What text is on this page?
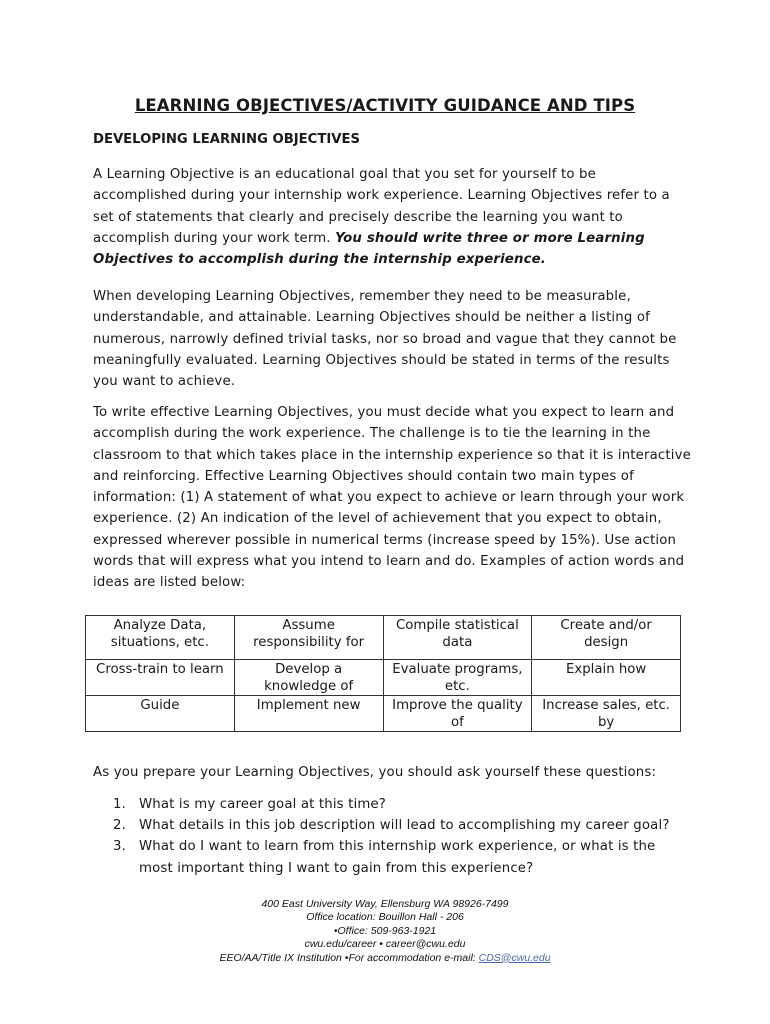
LEARNING OBJECTIVES/ACTIVITY GUIDANCE AND TIPS
DEVELOPING LEARNING OBJECTIVES

A Learning Objective is an educational goal that you set for yourself to be accomplished during your internship work experience. Learning Objectives refer to a set of statements that clearly and precisely describe the learning you want to accomplish during your work term. You should write three or more Learning Objectives to accomplish during the internship experience.

When developing Learning Objectives, remember they need to be measurable, understandable, and attainable. Learning Objectives should be neither a listing of numerous, narrowly defined trivial tasks, nor so broad and vague that they cannot be meaningfully evaluated. Learning Objectives should be stated in terms of the results you want to achieve.

To write effective Learning Objectives, you must decide what you expect to learn and accomplish during the work experience. The challenge is to tie the learning in the classroom to that which takes place in the internship experience so that it is interactive and reinforcing. Effective Learning Objectives should contain two main types of information: (1) A statement of what you expect to achieve or learn through your work experience. (2) An indication of the level of achievement that you expect to obtain, expressed wherever possible in numerical terms (increase speed by 15%). Use action words that will express what you intend to learn and do. Examples of action words and ideas are listed below:

Analyze Data, situations, etc.	Assume responsibility for	Compile statistical data	Create and/or design
Cross-train to learn	Develop a knowledge of	Evaluate programs, etc.	Explain how
Guide	Implement new	Improve the quality of	Increase sales, etc. by

As you prepare your Learning Objectives, you should ask yourself these questions:

1. What is my career goal at this time?
2. What details in this job description will lead to accomplishing my career goal?
3. What do I want to learn from this internship work experience, or what is the most important thing I want to gain from this experience?
400 East University Way, Ellensburg WA 98926-7499
Office location: Bouillon Hall - 206
•Office: 509-963-1921
cwu.edu/career • career@cwu.edu
EEO/AA/Title IX Institution •For accommodation e-mail: CDS@cwu.edu
